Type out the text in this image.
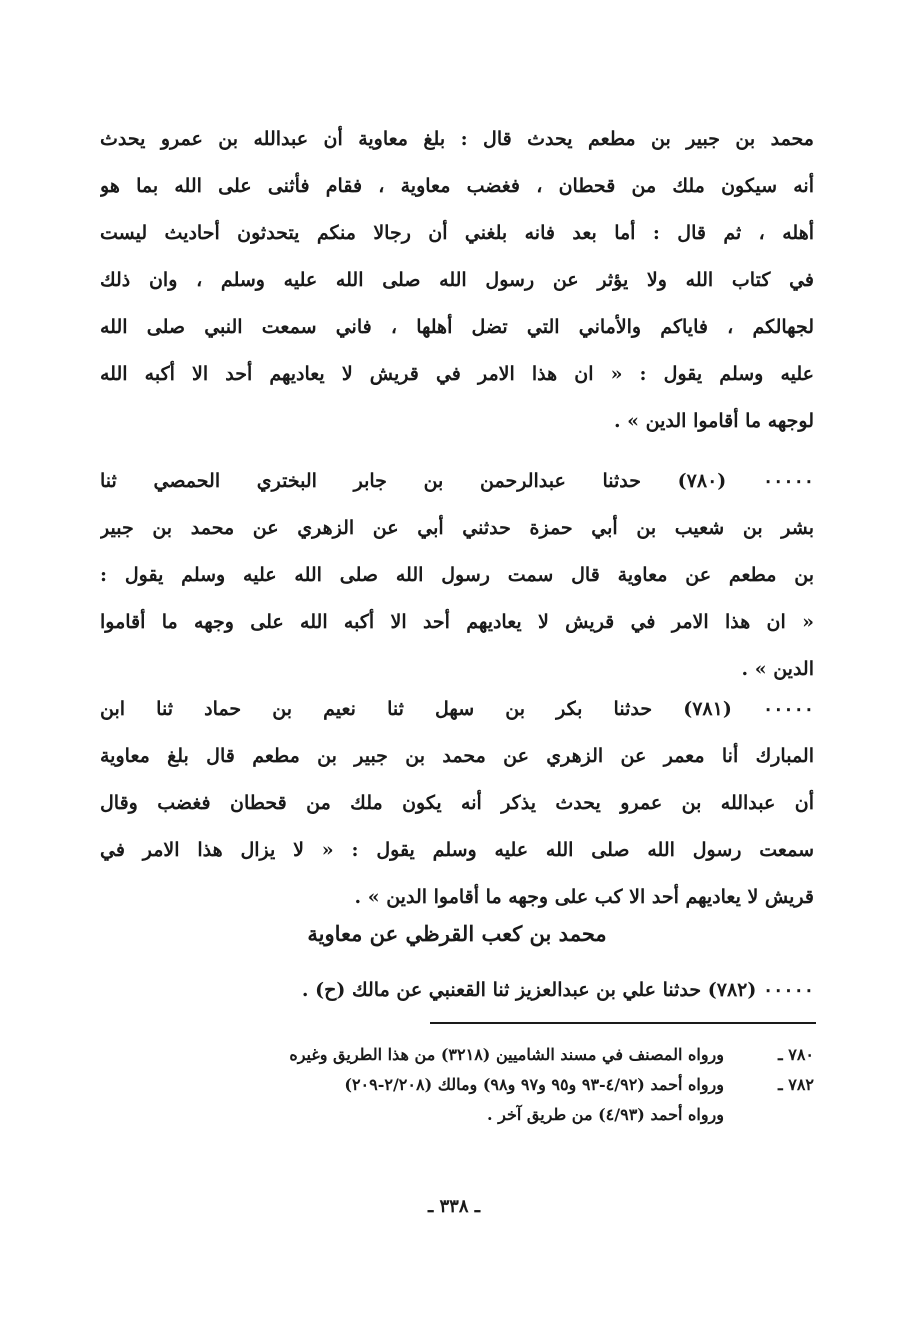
محمد بن جبير بن مطعم يحدث قال : بلغ معاوية أن عبدالله بن عمرو يحدث
أنه سيكون ملك من قحطان ، فغضب معاوية ، فقام فأثنى على الله بما هو
أهله ، ثم قال : أما بعد فانه بلغني أن رجالا منكم يتحدثون أحاديث ليست
في كتاب الله ولا يؤثر عن رسول الله صلى الله عليه وسلم ، وان ذلك
لجهالكم ، فاياكم والأماني التي تضل أهلها ، فاني سمعت النبي صلى الله
عليه وسلم يقول : « ان هذا الامر في قريش لا يعاديهم أحد الا أكبه الله
لوجهه ما أقاموا الدين » .
٠٠٠٠٠ (٧٨٠) حدثنا عبدالرحمن بن جابر البختري الحمصي ثنا
بشر بن شعيب بن أبي حمزة حدثني أبي عن الزهري عن محمد بن جبير
بن مطعم عن معاوية قال سمت رسول الله صلى الله عليه وسلم يقول :
« ان هذا الامر في قريش لا يعاديهم أحد الا أكبه الله على وجهه ما أقاموا
الدين » .
٠٠٠٠٠ (٧٨١) حدثنا بكر بن سهل ثنا نعيم بن حماد ثنا ابن
المبارك أنا معمر عن الزهري عن محمد بن جبير بن مطعم قال بلغ معاوية
أن عبدالله بن عمرو يحدث يذكر أنه يكون ملك من قحطان فغضب وقال
سمعت رسول الله صلى الله عليه وسلم يقول : « لا يزال هذا الامر في
قريش لا يعاديهم أحد الا كب على وجهه ما أقاموا الدين » .
محمد بن كعب القرظي عن معاوية
٠٠٠٠٠ (٧٨٢) حدثنا علي بن عبدالعزيز ثنا القعنبي عن مالك (ح) .
٧٨٠ ـ
ورواه المصنف في مسند الشاميين (٣٢١٨) من هذا الطريق وغيره
٧٨٢ ـ
ورواه أحمد (٤/٩٢-٩٣ و٩٥ و٩٧ و٩٨) ومالك (٢/٢٠٨-٢٠٩)
ورواه أحمد (٤/٩٣) من طريق آخر .
ـ ٣٣٨ ـ
